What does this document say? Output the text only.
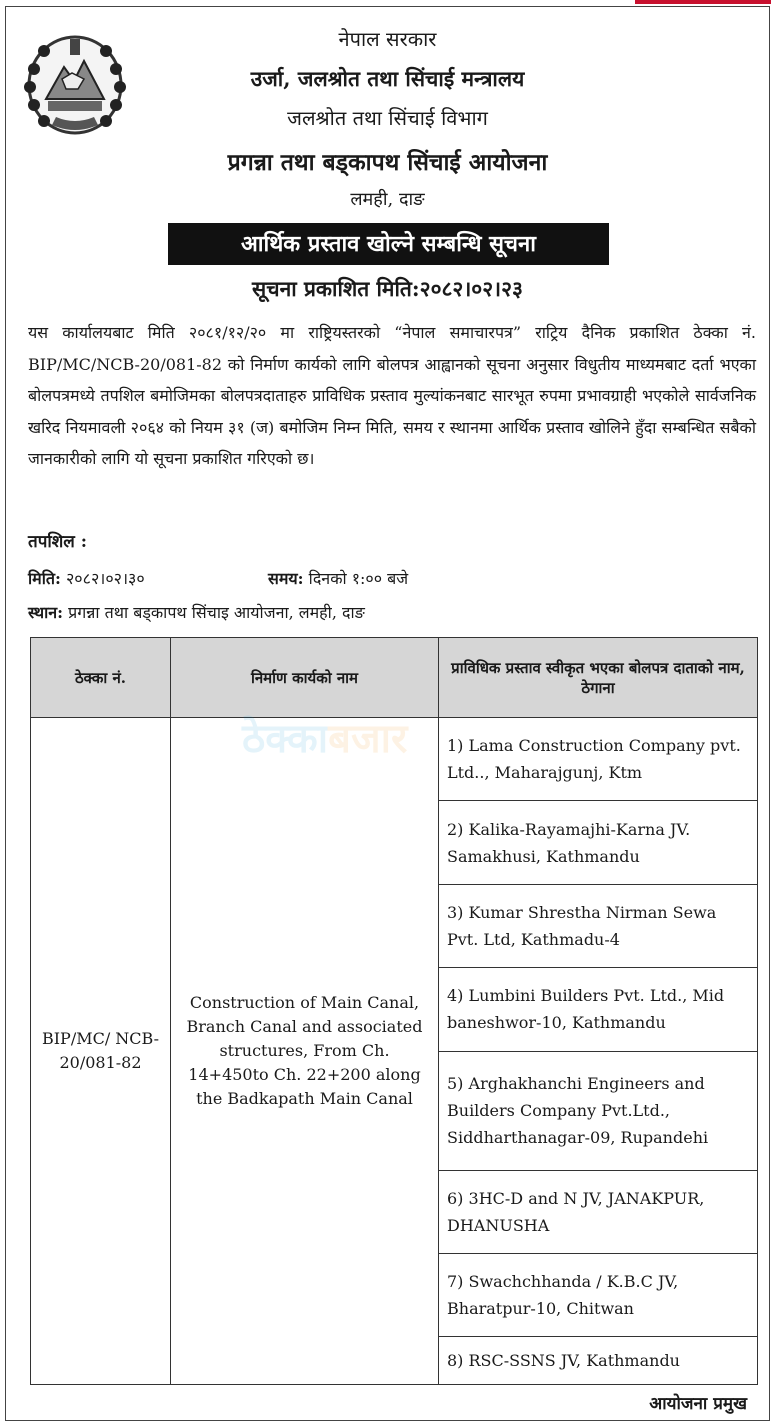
नेपाल सरकार
उर्जा, जलश्रोत तथा सिंचाई मन्त्रालय
जलश्रोत तथा सिंचाई विभाग
प्रगन्ना तथा बड्कापथ सिंचाई आयोजना
लमही, दाङ
आर्थिक प्रस्ताव खोल्ने सम्बन्धि सूचना
सूचना प्रकाशित मिति:२०८२।०२।२३
यस कार्यालयबाट मिति २०८१/१२/२० मा राष्ट्रियस्तरको “नेपाल समाचारपत्र” राट्रिय दैनिक प्रकाशित ठेक्का नं. BIP/MC/NCB-20/081-82 को निर्माण कार्यको लागि बोलपत्र आह्वानको सूचना अनुसार विधुतीय माध्यमबाट दर्ता भएका बोलपत्रमध्ये तपशिल बमोजिमका बोलपत्रदाताहरु प्राविधिक प्रस्ताव मुल्यांकनबाट सारभूत रुपमा प्रभावग्राही भएकोले सार्वजनिक खरिद नियमावली २०६४ को नियम ३१ (ज) बमोजिम निम्न मिति, समय र स्थानमा आर्थिक प्रस्ताव खोलिने हुँदा सम्बन्धित सबैको जानकारीको लागि यो सूचना प्रकाशित गरिएको छ।
तपशिल :
मिति: २०८२।०२।३०	समय: दिनको १:०० बजे
स्थान: प्रगन्ना तथा बड्कापथ सिंचाइ आयोजना, लमही, दाङ
ठेक्का नं.	निर्माण कार्यको नाम	प्राविधिक प्रस्ताव स्वीकृत भएका बोलपत्र दाताको नाम, ठेगाना
BIP/MC/ NCB- 20/081-82	Construction of Main Canal, Branch Canal and associated structures, From Ch. 14+450to Ch. 22+200 along the Badkapath Main Canal	1) Lama Construction Company pvt. Ltd.., Maharajgunj, Ktm
		2) Kalika-Rayamajhi-Karna JV. Samakhusi, Kathmandu
		3) Kumar Shrestha Nirman Sewa Pvt. Ltd, Kathmadu-4
		4) Lumbini Builders Pvt. Ltd., Mid baneshwor-10, Kathmandu
		5) Arghakhanchi Engineers and Builders Company Pvt.Ltd., Siddharthanagar-09, Rupandehi
		6) 3HC-D and N JV, JANAKPUR, DHANUSHA
		7) Swachchhanda / K.B.C JV, Bharatpur-10, Chitwan
		8) RSC-SSNS JV, Kathmandu
ठेक्काबजार
आयोजना प्रमुख
